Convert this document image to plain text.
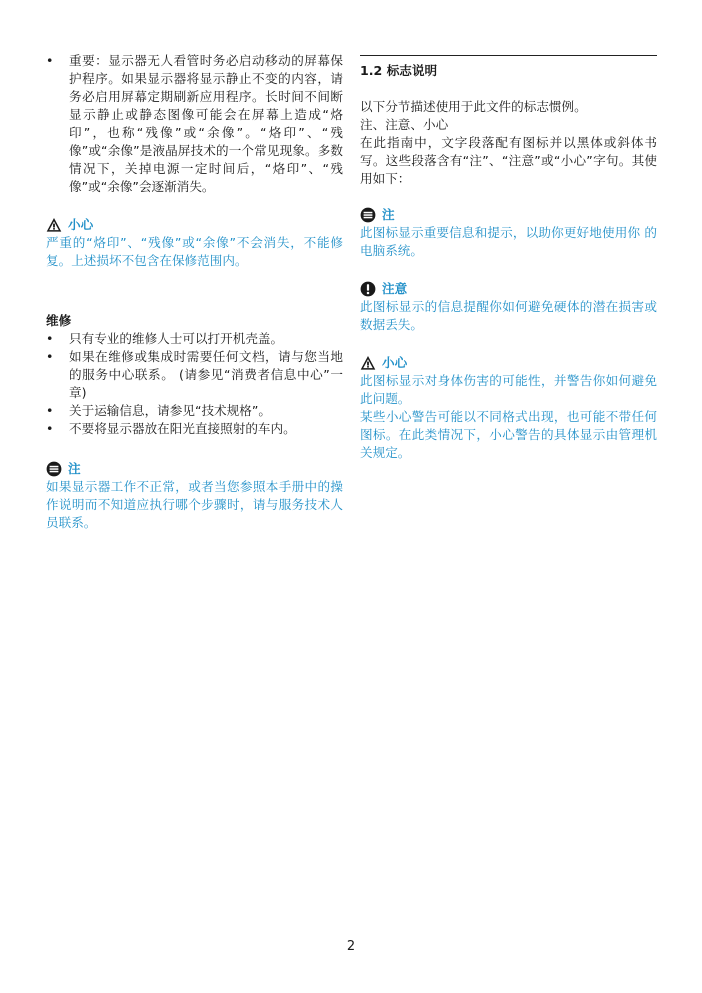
• 重要：显示器无人看管时务必启动移动的屏幕保护程序。如果显示器将显示静止不变的内容，请务必启用屏幕定期刷新应用程序。长时间不间断显示静止或静态图像可能会在屏幕上造成“烙印”，也称“残像”或“余像”。“烙印”、“残像”或“余像”是液晶屏技术的一个常见现象。多数情况下，关掉电源一定时间后，“烙印”、“残像”或“余像”会逐渐消失。
小心

严重的“烙印”、“残像”或“余像”不会消失，不能修复。上述损坏不包含在保修范围内。

维修

• 只有专业的维修人士可以打开机壳盖。
• 如果在维修或集成时需要任何文档，请与您当地的服务中心联系。 (请参见“消费者信息中心”一章)
• 关于运输信息，请参见“技术规格”。
• 不要将显示器放在阳光直接照射的车内。
注

如果显示器工作不正常，或者当您参照本手册中的操作说明而不知道应执行哪个步骤时，请与服务技术人员联系。

1.2 标志说明

以下分节描述使用于此文件的标志惯例。

注、注意、小心

在此指南中，文字段落配有图标并以黑体或斜体书写。这些段落含有“注”、“注意”或“小心”字句。其使用如下：

注

此图标显示重要信息和提示，以助你更好地使用你 的电脑系统。

注意

此图标显示的信息提醒你如何避免硬体的潜在损害或 数据丢失。

小心

此图标显示对身体伤害的可能性，并警告你如何避免 此问题。

某些小心警告可能以不同格式出现，也可能不带任何图标。在此类情况下，小心警告的具体显示由管理机关规定。

2
